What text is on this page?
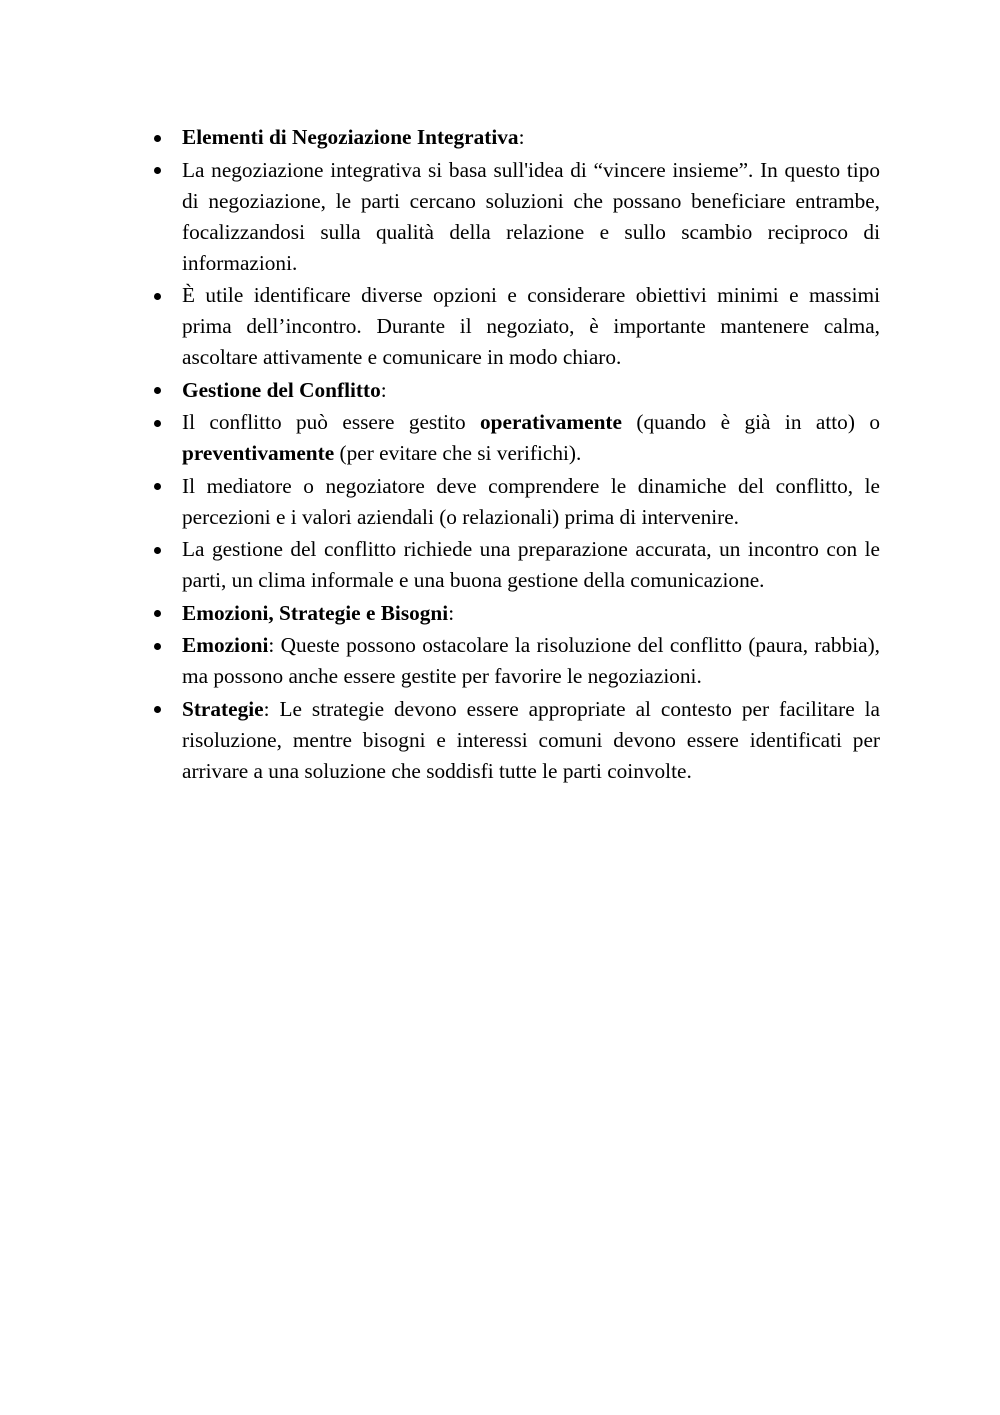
Elementi di Negoziazione Integrativa:
La negoziazione integrativa si basa sull'idea di “vincere insieme”. In questo tipo di negoziazione, le parti cercano soluzioni che possano beneficiare entrambe, focalizzandosi sulla qualità della relazione e sullo scambio reciproco di informazioni.
È utile identificare diverse opzioni e considerare obiettivi minimi e massimi prima dell’incontro. Durante il negoziato, è importante mantenere calma, ascoltare attivamente e comunicare in modo chiaro.
Gestione del Conflitto:
Il conflitto può essere gestito operativamente (quando è già in atto) o preventivamente (per evitare che si verifichi).
Il mediatore o negoziatore deve comprendere le dinamiche del conflitto, le percezioni e i valori aziendali (o relazionali) prima di intervenire.
La gestione del conflitto richiede una preparazione accurata, un incontro con le parti, un clima informale e una buona gestione della comunicazione.
Emozioni, Strategie e Bisogni:
Emozioni: Queste possono ostacolare la risoluzione del conflitto (paura, rabbia), ma possono anche essere gestite per favorire le negoziazioni.
Strategie: Le strategie devono essere appropriate al contesto per facilitare la risoluzione, mentre bisogni e interessi comuni devono essere identificati per arrivare a una soluzione che soddisfi tutte le parti coinvolte.
